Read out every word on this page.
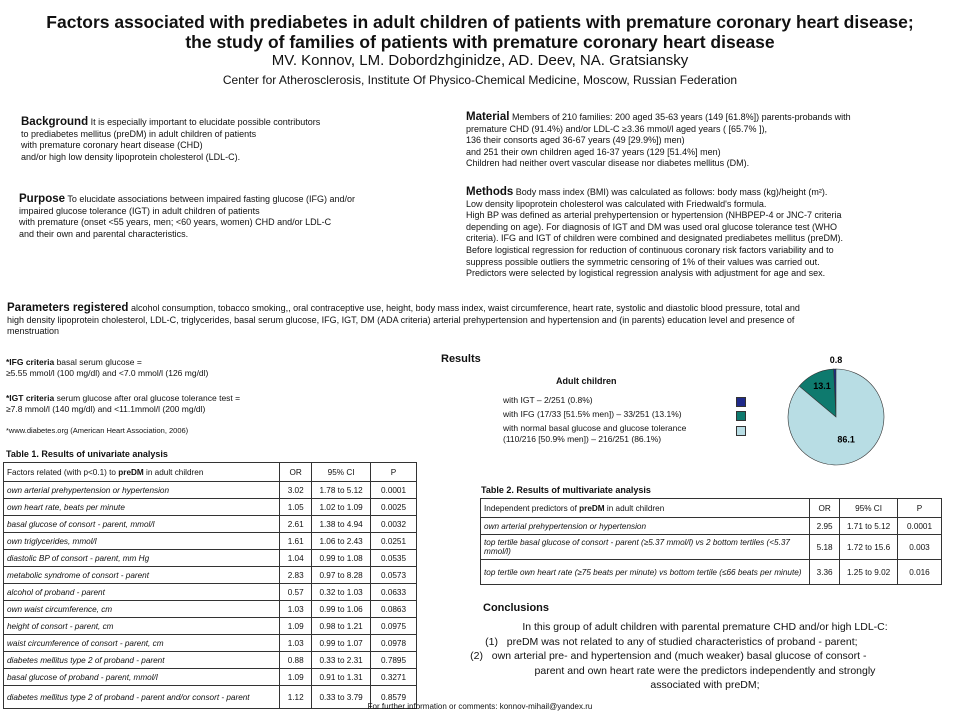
Factors associated with prediabetes in adult children of patients with premature coronary heart disease;
the study of families of patients with premature coronary heart disease
MV. Konnov, LM. Dobordzhginidze, AD. Deev, NA. Gratsiansky
Center for Atherosclerosis, Institute Of Physico-Chemical Medicine, Moscow, Russian Federation
Background It is especially important to elucidate possible contributors
to prediabetes mellitus (preDM) in adult children of patients
with premature coronary heart disease (CHD)
and/or high low density lipoprotein cholesterol (LDL-C).
Purpose To elucidate associations between impaired fasting glucose (IFG) and/or
impaired glucose tolerance (IGT) in adult children of patients
with premature (onset <55 years, men; <60 years, women) CHD and/or LDL-C
and their own and parental characteristics.
Material Members of 210 families: 200 aged 35-63 years (149 [61.8%]) parents-probands with
premature CHD (91.4%) and/or LDL-C ≥3.36 mmol/l aged years ( [65.7% ]),
136 their consorts aged 36-67 years (49 [29.9%]) men)
and 251 their own children aged 16-37 years (129 [51.4%] men)
Children had neither overt vascular disease nor diabetes mellitus (DM).
Methods Body mass index (BMI) was calculated as follows: body mass (kg)/height (m²).
Low density lipoprotein cholesterol was calculated with Friedwald's formula.
High BP was defined as arterial prehypertension or hypertension (NHBPEP-4 or JNC-7 criteria
depending on age). For diagnosis of IGT and DM was used oral glucose tolerance test (WHO
criteria). IFG and IGT of children were combined and designated prediabetes mellitus (preDM).
Before logistical regression for reduction of continuous coronary risk factors variability and to
suppress possible outliers the symmetric censoring of 1% of their values was carried out.
Predictors were selected by logistical regression analysis with adjustment for age and sex.
Parameters registered alcohol consumption, tobacco smoking,, oral contraceptive use, height, body mass index, waist circumference, heart rate, systolic and diastolic blood pressure, total and
high density lipoprotein cholesterol, LDL-C, triglycerides, basal serum glucose, IFG, IGT, DM (ADA criteria) arterial prehypertension and hypertension and (in parents) education level and presence of
menstruation
*IFG criteria basal serum glucose =
≥5.55 mmol/l (100 mg/dl) and <7.0 mmol/l (126 mg/dl)
*IGT criteria serum glucose after oral glucose tolerance test =
≥7.8 mmol/l (140 mg/dl) and <11.1mmol/l (200 mg/dl)
*www.diabetes.org (American Heart Association, 2006)
Table 1. Results of univariate analysis
Factors related (with p<0.1) to preDM in adult children	OR	95% CI	P
own arterial prehypertension or hypertension	3.02	1.78 to 5.12	0.0001
own heart rate, beats per minute	1.05	1.02 to 1.09	0.0025
basal glucose of consort - parent, mmol/l	2.61	1.38 to 4.94	0.0032
own triglycerides, mmol/l	1.61	1.06 to 2.43	0.0251
diastolic BP of consort - parent, mm Hg	1.04	0.99 to 1.08	0.0535
metabolic syndrome of consort - parent	2.83	0.97 to 8.28	0.0573
alcohol of proband - parent	0.57	0.32 to 1.03	0.0633
own waist circumference, cm	1.03	0.99 to 1.06	0.0863
height of consort - parent, cm	1.09	0.98 to 1.21	0.0975
waist circumference of consort - parent, cm	1.03	0.99 to 1.07	0.0978
diabetes mellitus type 2 of proband - parent	0.88	0.33 to 2.31	0.7895
basal glucose of proband - parent, mmol/l	1.09	0.91 to 1.31	0.3271
diabetes mellitus type 2 of proband - parent and/or consort - parent	1.12	0.33 to 3.79	0.8579
Results
Adult children
with IGT – 2/251 (0.8%)
with IFG (17/33 [51.5% men]) – 33/251 (13.1%)
with normal basal glucose and glucose tolerance
(110/216 [50.9% men]) – 216/251 (86.1%)
0.8
13.1
86.1
Table 2. Results of multivariate analysis
Independent predictors of preDM in adult children	OR	95% CI	P
own arterial prehypertension or hypertension	2.95	1.71 to 5.12	0.0001
top tertile basal glucose of consort - parent (≥5.37 mmol/l) vs 2 bottom tertiles (<5.37 mmol/l)	5.18	1.72 to 15.6	0.003
top tertile own heart rate (≥75 beats per minute) vs bottom tertile (≤66 beats per minute)	3.36	1.25 to 9.02	0.016
Conclusions
In this group of adult children with parental premature CHD and/or high LDL-C:
(1) preDM was not related to any of studied characteristics of proband - parent;
(2) own arterial pre- and hypertension and (much weaker) basal glucose of consort -
parent and own heart rate were the predictors independently and strongly
associated with preDM;
For further information or comments: konnov-mihail@yandex.ru
